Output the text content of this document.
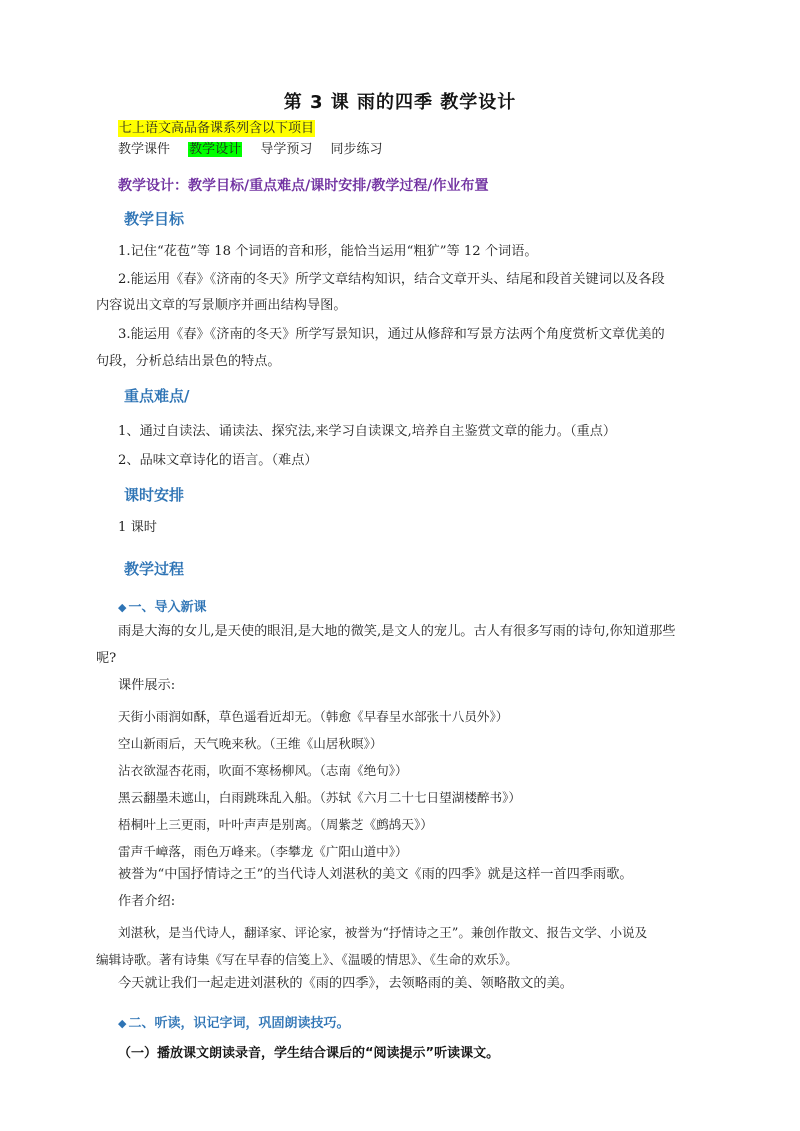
第 3 课 雨的四季 教学设计
七上语文高品备课系列含以下项目
教学课件 教学设计 导学预习 同步练习
教学设计：教学目标/重点难点/课时安排/教学过程/作业布置
教学目标
1.记住“花苞”等 18 个词语的音和形，能恰当运用“粗犷”等 12 个词语。
2.能运用《春》《济南的冬天》所学文章结构知识，结合文章开头、结尾和段首关键词以及各段
内容说出文章的写景顺序并画出结构导图。
3.能运用《春》《济南的冬天》所学写景知识，通过从修辞和写景方法两个角度赏析文章优美的
句段，分析总结出景色的特点。
重点难点/
1、通过自读法、诵读法、探究法,来学习自读课文,培养自主鉴赏文章的能力。（重点）
2、品味文章诗化的语言。（难点）
课时安排
1 课时
教学过程
◆ 一、导入新课
雨是大海的女儿,是天使的眼泪,是大地的微笑,是文人的宠儿。古人有很多写雨的诗句,你知道那些
呢?
课件展示:
天街小雨润如酥，草色遥看近却无。（韩愈《早春呈水部张十八员外》）
空山新雨后，天气晚来秋。（王维《山居秋暝》）
沾衣欲湿杏花雨，吹面不寒杨柳风。（志南《绝句》）
黑云翻墨未遮山，白雨跳珠乱入船。（苏轼《六月二十七日望湖楼醉书》）
梧桐叶上三更雨，叶叶声声是别离。（周紫芝《鹧鸪天》）
雷声千嶂落，雨色万峰来。（李攀龙《广阳山道中》）
被誉为“中国抒情诗之王”的当代诗人刘湛秋的美文《雨的四季》就是这样一首四季雨歌。
作者介绍:
刘湛秋，是当代诗人，翻译家、评论家，被誉为“抒情诗之王”。兼创作散文、报告文学、小说及
编辑诗歌。著有诗集《写在早春的信笺上》、《温暖的情思》、《生命的欢乐》。
今天就让我们一起走进刘湛秋的《雨的四季》，去领略雨的美、领略散文的美。
◆ 二、听读，识记字词，巩固朗读技巧。
（一）播放课文朗读录音，学生结合课后的“阅读提示”听读课文。
